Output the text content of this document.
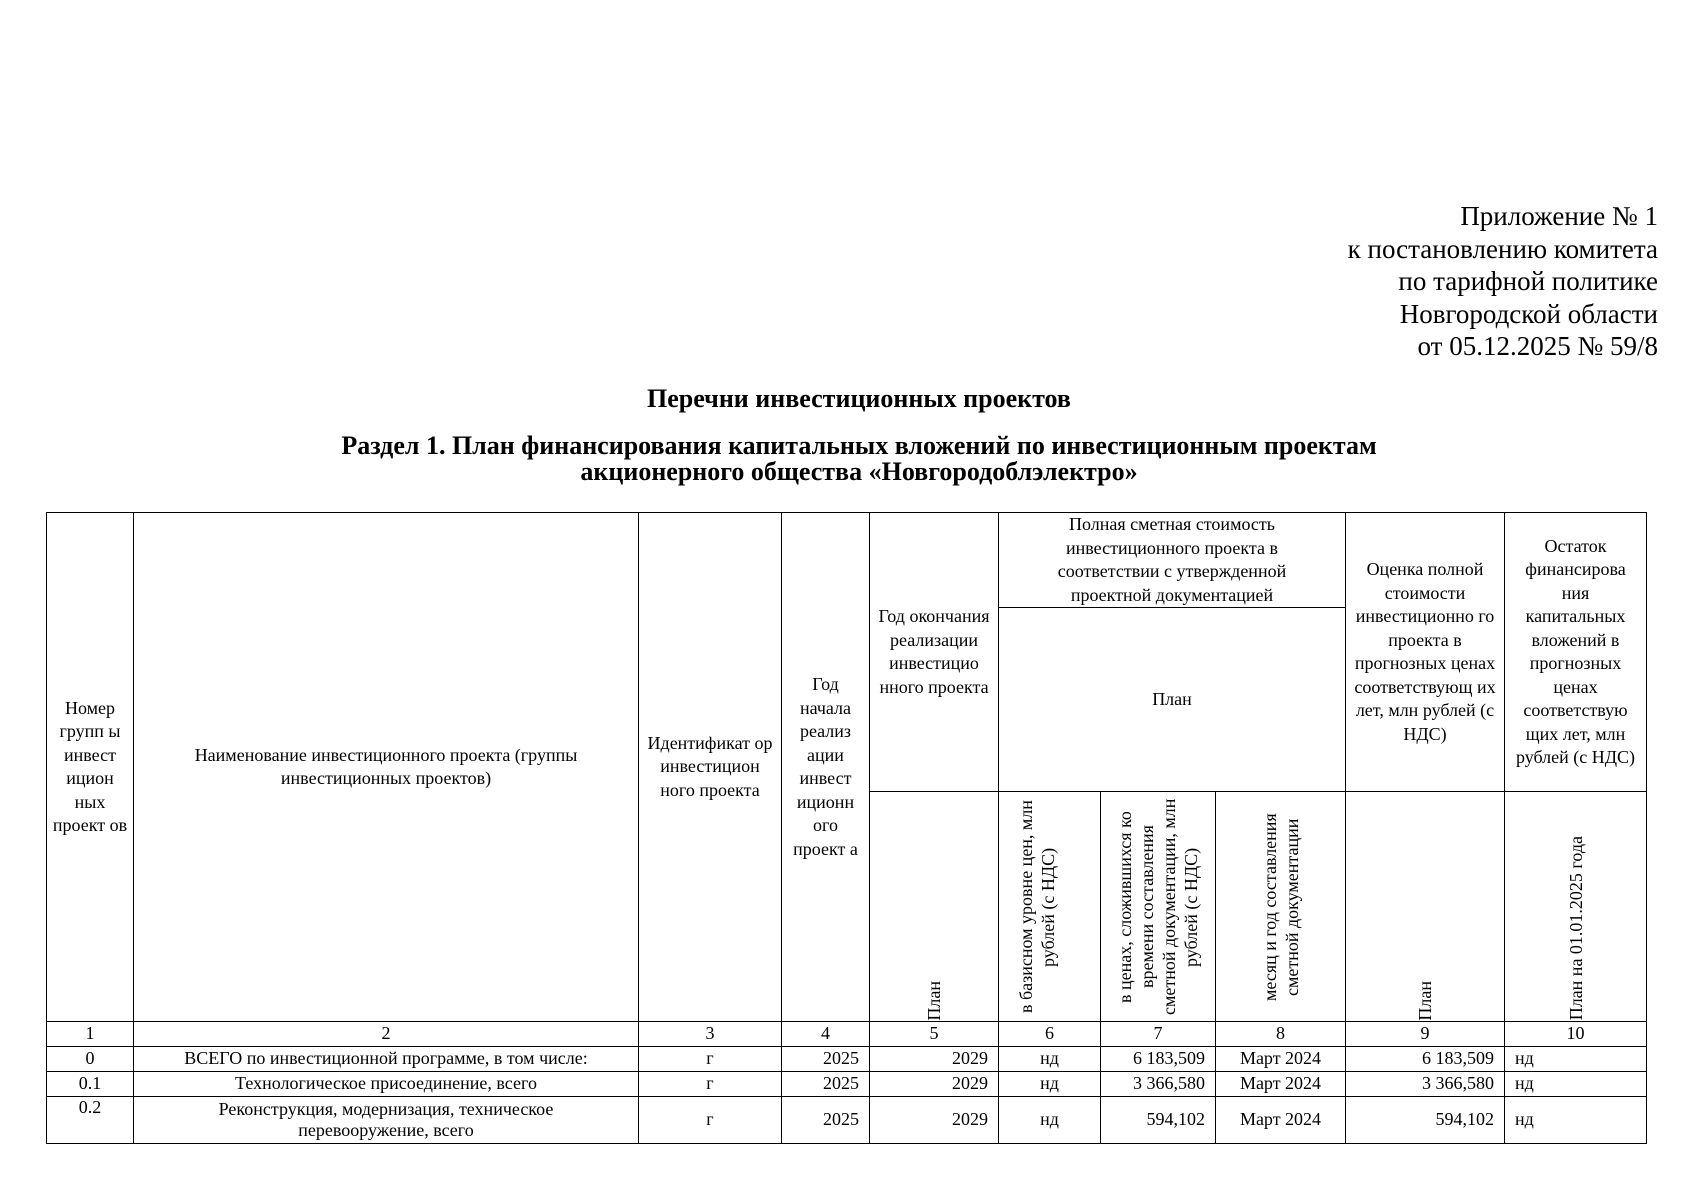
Приложение № 1
к постановлению комитета
по тарифной политике
Новгородской области
от 05.12.2025 № 59/8
Перечни инвестиционных проектов
Раздел 1. План финансирования капитальных вложений по инвестиционным проектам
акционерного общества «Новгородоблэлектро»
Номер групп ы инвест ицион ных проект ов	Наименование инвестиционного проекта (группы инвестиционных проектов)	Идентификат ор инвестицион ного проекта	Год начала реализ ации инвест иционн ого проект а	Год окончания реализации инвестицио нного проекта	Полная сметная стоимость инвестиционного проекта в соответствии с утвержденной проектной документацией			Оценка полной стоимости инвестиционно го проекта в прогнозных ценах соответствующ их лет, млн рублей (с НДС)	Остаток финансирова ния капитальных вложений в прогнозных ценах соответствую щих лет, млн рублей (с НДС)
					План				

				План	в базисном уровне цен, млн рублей (с НДС)	в ценах, сложившихся ко времени составления сметной документации, млн рублей (с НДС)	месяц и год составления сметной документации	План	План на 01.01.2025 года

1	2	3	4	5	6	7	8	9	10
0	ВСЕГО по инвестиционной программе, в том числе:	г	2025	2029	нд	6 183,509	Март 2024	6 183,509	нд
0.1	Технологическое присоединение, всего	г	2025	2029	нд	3 366,580	Март 2024	3 366,580	нд
0.2	Реконструкция, модернизация, техническое перевооружение, всего	г	2025	2029	нд	594,102	Март 2024	594,102	нд
